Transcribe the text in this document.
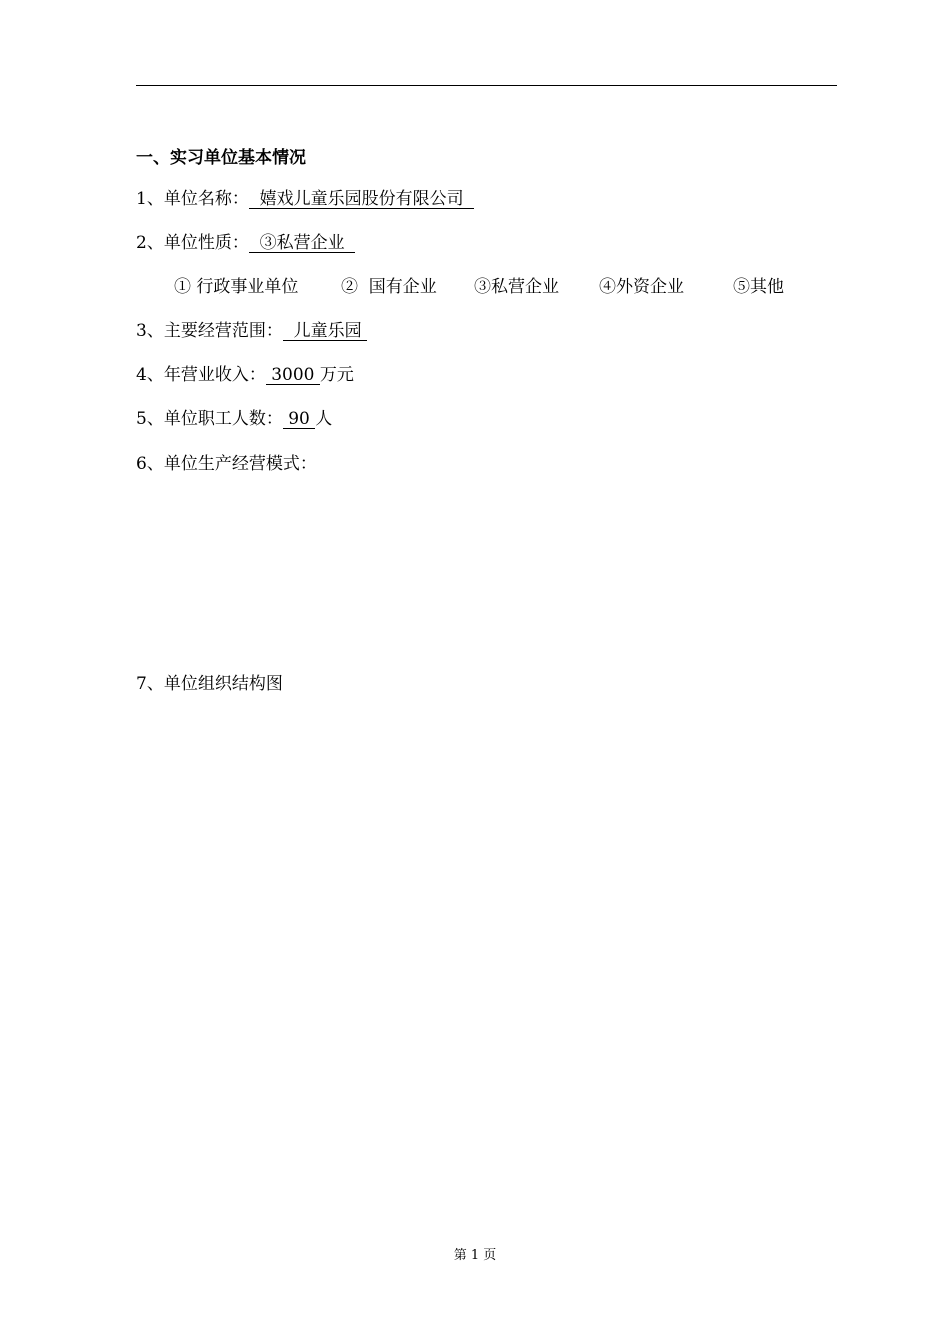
一、实习单位基本情况
1、单位名称：  嬉戏儿童乐园股份有限公司
2、单位性质：  ③私营企业
① 行政事业单位	②  国有企业 ③私营企业 ④外资企业	⑤其他
3、主要经营范围：  儿童乐园
4、年营业收入： 3000 万元
5、单位职工人数： 90 人
6、单位生产经营模式：
7、单位组织结构图
第 1 页
